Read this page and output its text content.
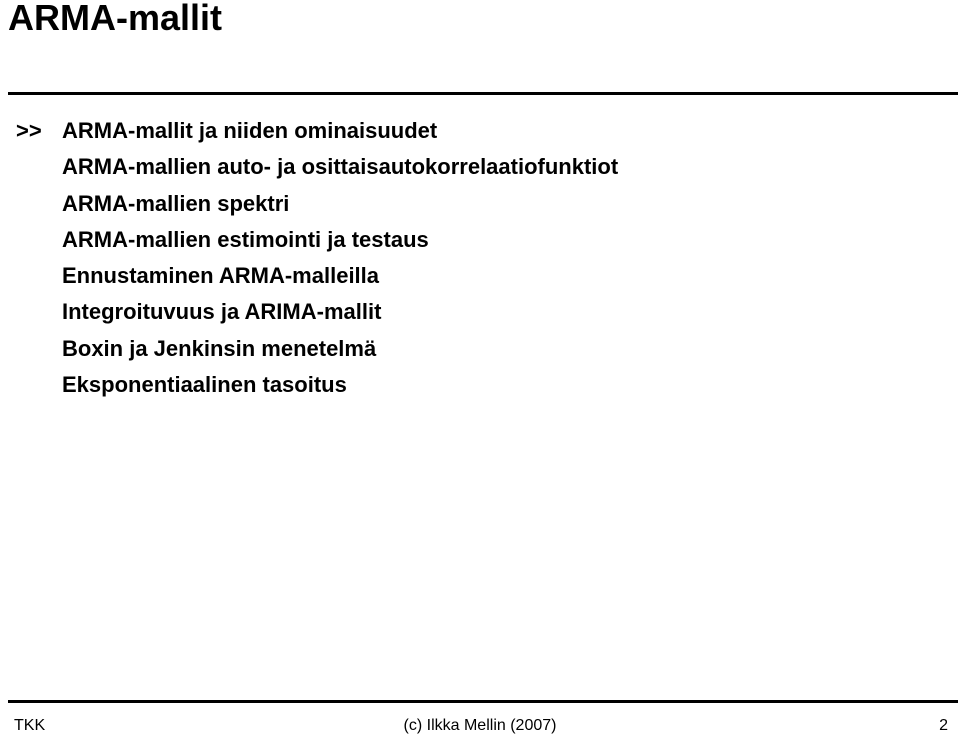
ARMA-mallit
>> ARMA-mallit ja niiden ominaisuudet
ARMA-mallien auto- ja osittaisautokorrelaatiofunktiot
ARMA-mallien spektri
ARMA-mallien estimointi ja testaus
Ennustaminen ARMA-malleilla
Integroituvuus ja ARIMA-mallit
Boxin ja Jenkinsin menetelmä
Eksponentiaalinen tasoitus
TKK	(c) Ilkka Mellin (2007)	2
